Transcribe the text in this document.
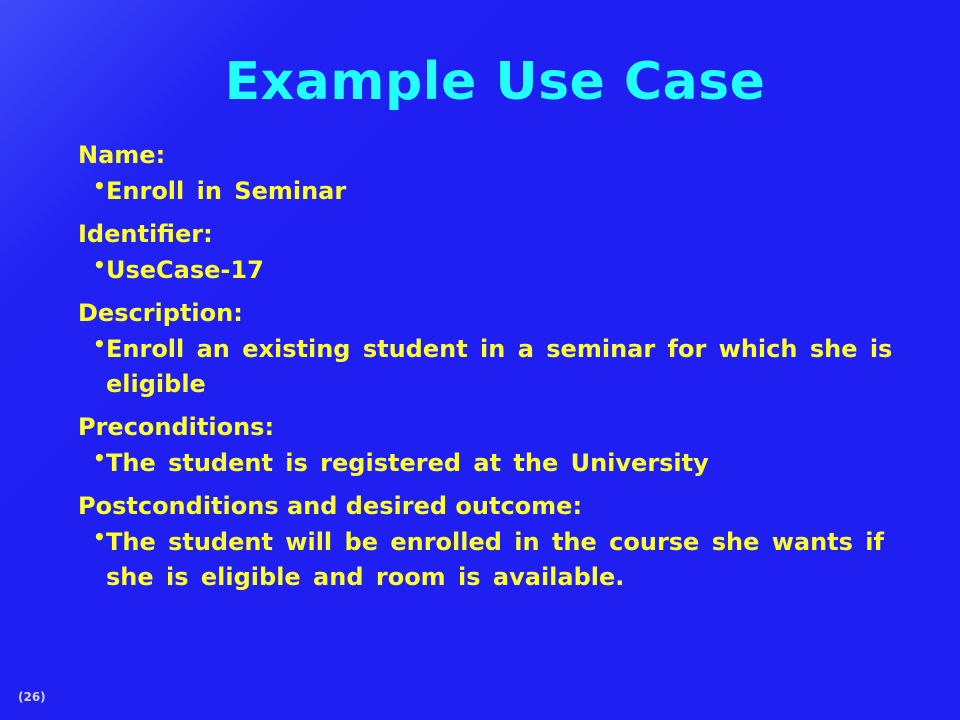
Example Use Case
Name:
• Enroll in Seminar
Identifier:
• UseCase-17
Description:
• Enroll an existing student in a seminar for which she is eligible
Preconditions:
• The student is registered at the University
Postconditions and desired outcome:
• The student will be enrolled in the course she wants if she is eligible and room is available.
(26)
